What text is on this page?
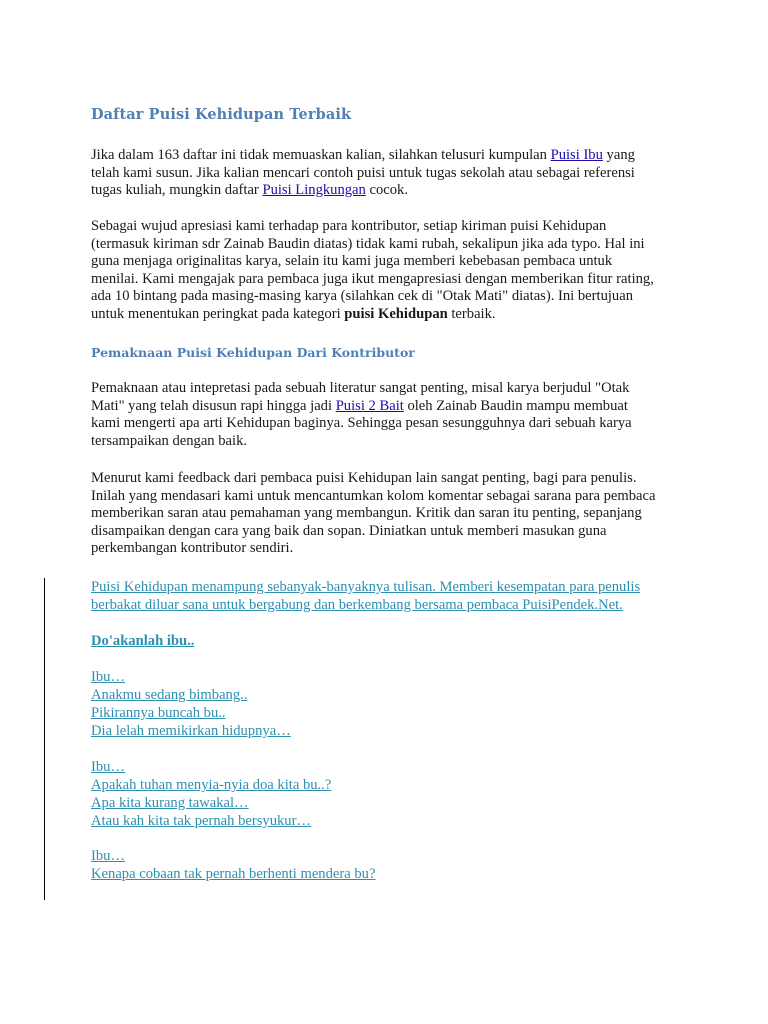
Daftar Puisi Kehidupan Terbaik

Jika dalam 163 daftar ini tidak memuaskan kalian, silahkan telusuri kumpulan Puisi Ibu yang
telah kami susun. Jika kalian mencari contoh puisi untuk tugas sekolah atau sebagai referensi
tugas kuliah, mungkin daftar Puisi Lingkungan cocok.

Sebagai wujud apresiasi kami terhadap para kontributor, setiap kiriman puisi Kehidupan
(termasuk kiriman sdr Zainab Baudin diatas) tidak kami rubah, sekalipun jika ada typo. Hal ini
guna menjaga originalitas karya, selain itu kami juga memberi kebebasan pembaca untuk
menilai. Kami mengajak para pembaca juga ikut mengapresiasi dengan memberikan fitur rating,
ada 10 bintang pada masing-masing karya (silahkan cek di "Otak Mati" diatas). Ini bertujuan
untuk menentukan peringkat pada kategori puisi Kehidupan terbaik.

Pemaknaan Puisi Kehidupan Dari Kontributor

Pemaknaan atau intepretasi pada sebuah literatur sangat penting, misal karya berjudul "Otak
Mati" yang telah disusun rapi hingga jadi Puisi 2 Bait oleh Zainab Baudin mampu membuat
kami mengerti apa arti Kehidupan baginya. Sehingga pesan sesungguhnya dari sebuah karya
tersampaikan dengan baik.

Menurut kami feedback dari pembaca puisi Kehidupan lain sangat penting, bagi para penulis.
Inilah yang mendasari kami untuk mencantumkan kolom komentar sebagai sarana para pembaca
memberikan saran atau pemahaman yang membangun. Kritik dan saran itu penting, sepanjang
disampaikan dengan cara yang baik dan sopan. Diniatkan untuk memberi masukan guna
perkembangan kontributor sendiri.

Puisi Kehidupan menampung sebanyak-banyaknya tulisan. Memberi kesempatan para penulis
berbakat diluar sana untuk bergabung dan berkembang bersama pembaca PuisiPendek.Net.

Do'akanlah ibu..

Ibu…
Anakmu sedang bimbang..
Pikirannya buncah bu..
Dia lelah memikirkan hidupnya…

Ibu…
Apakah tuhan menyia-nyia doa kita bu..?
Apa kita kurang tawakal…
Atau kah kita tak pernah bersyukur…

Ibu…
Kenapa cobaan tak pernah berhenti mendera bu?
